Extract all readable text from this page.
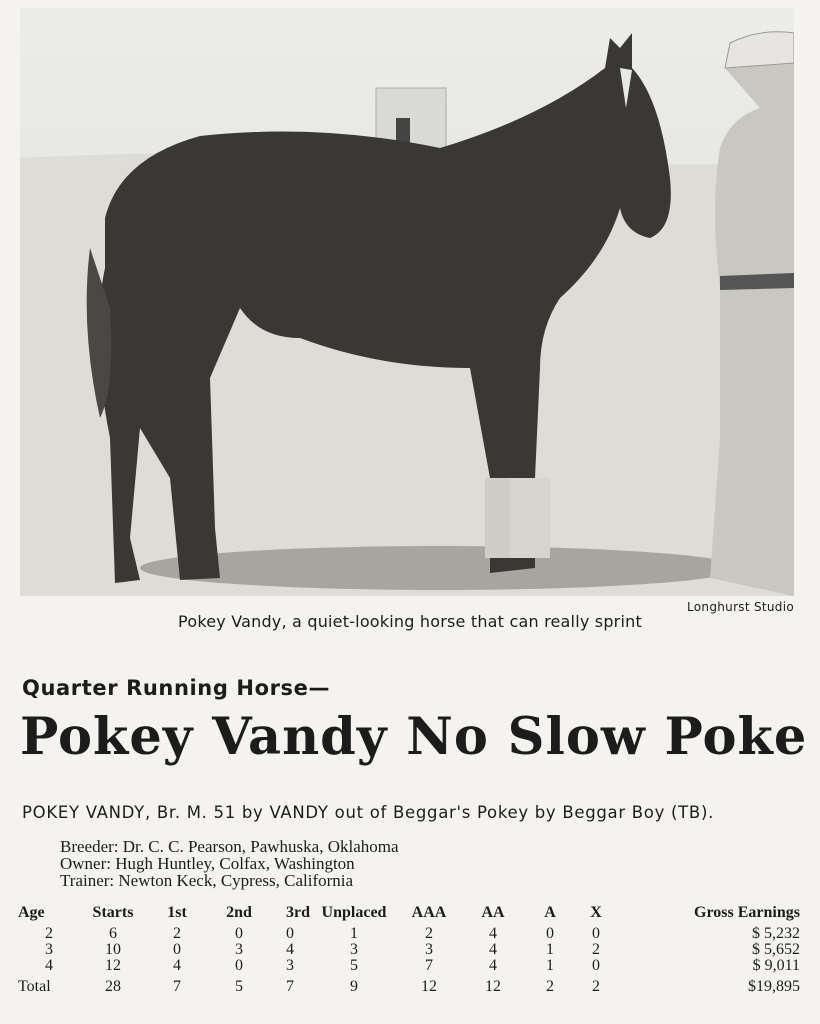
Longhurst Studio
Pokey Vandy, a quiet-looking horse that can really sprint
Quarter Running Horse—
Pokey Vandy No Slow Poke
POKEY VANDY, Br. M. 51 by VANDY out of Beggar's Pokey by Beggar Boy (TB).
Breeder: Dr. C. C. Pearson, Pawhuska, Oklahoma
Owner: Hugh Huntley, Colfax, Washington
Trainer: Newton Keck, Cypress, California
Age	Starts	1st	2nd	3rd	Unplaced	AAA	AA	A	X	Gross Earnings
2	6	2	0	0	1	2	4	0	0	$ 5,232
3	10	0	3	4	3	3	4	1	2	$ 5,652
4	12	4	0	3	5	7	4	1	0	$ 9,011
Total	28	7	5	7	9	12	12	2	2	$19,895
